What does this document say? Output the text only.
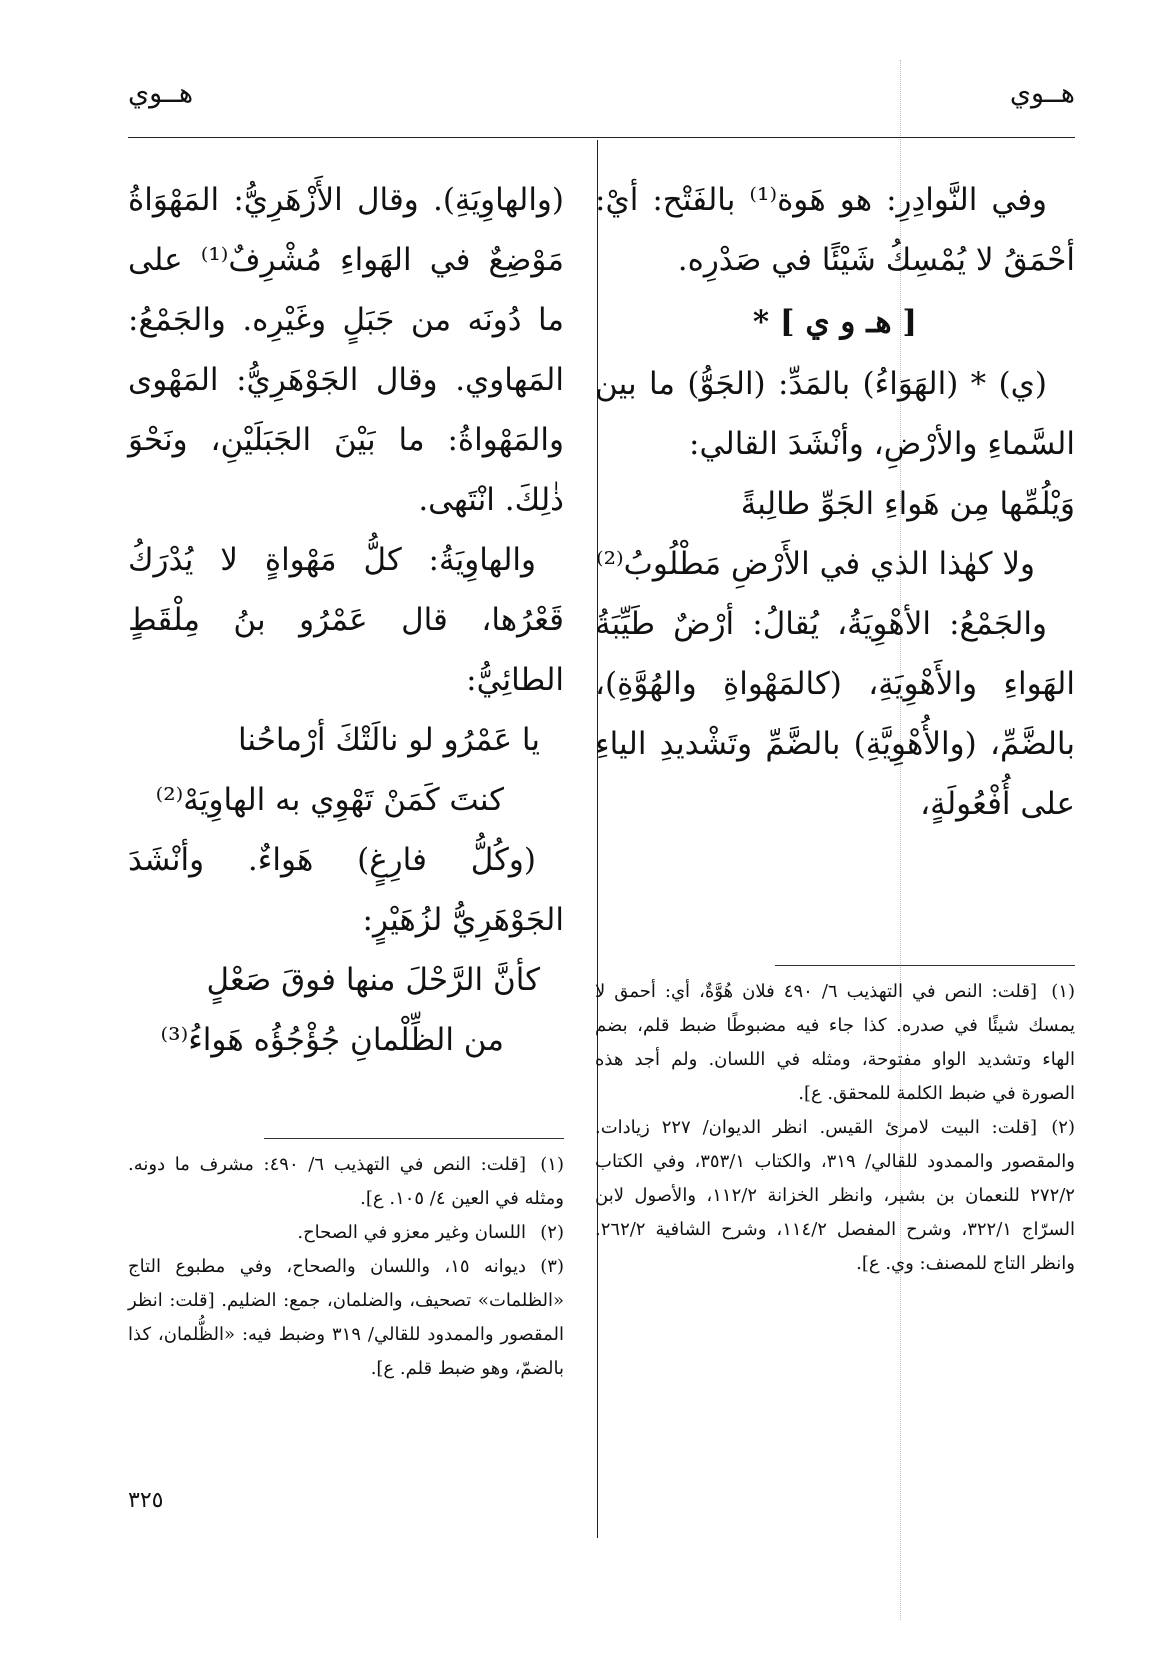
هــوي
هــوي

وفي النَّوادِرِ: هو هَوة⁽¹⁾ بالفَتْح: أيْ: أحْمَقُ لا يُمْسِكُ شَيْئًا في صَدْرِه.

[ هـ و ي ] *

(ي) * (الهَوَاءُ) بالمَدِّ: (الجَوُّ) ما بين السَّماءِ والأرْضِ، وأنْشَدَ القالي:

وَيْلُمِّها مِن هَواءِ الجَوِّ طالِبةً

ولا كهٰذا الذي في الأَرْضِ مَطْلُوبُ⁽²⁾

والجَمْعُ: الأهْوِيَةُ، يُقالُ: أرْضٌ طَيِّبَةُ الهَواءِ والأَهْوِيَةِ، (كالمَهْواةِ والهُوَّةِ)، بالضَّمِّ، (والأُهْوِيَّةِ) بالضَّمِّ وتَشْديدِ الياءِ على أُفْعُولَةٍ،

(والهاوِيَةِ). وقال الأَزْهَرِيُّ: المَهْوَاةُ مَوْضِعٌ في الهَواءِ مُشْرِفٌ⁽¹⁾ على ما دُونَه من جَبَلٍ وغَيْرِه. والجَمْعُ: المَهاوي. وقال الجَوْهَرِيُّ: المَهْوى والمَهْواةُ: ما بَيْنَ الجَبَلَيْنِ، ونَحْوَ ذٰلِكَ. انْتَهى.

والهاوِيَةُ: كلُّ مَهْواةٍ لا يُدْرَكُ قَعْرُها، قال عَمْرُو بنُ مِلْقَطٍ الطائِيُّ:

يا عَمْرُو لو نالَتْكَ أرْماحُنا

كنتَ كَمَنْ تَهْوِي به الهاوِيَهْ⁽²⁾

(وكُلُّ فارِغٍ) هَواءٌ. وأنْشَدَ الجَوْهَرِيُّ لزُهَيْرٍ:

كأنَّ الرَّحْلَ منها فوقَ صَعْلٍ

من الظِّلْمانِ جُؤْجُؤُه هَواءُ⁽³⁾

(١)[قلت: النص في التهذيب ٦/ ٤٩٠ فلان هُوَّةٌ، أي: أحمق لا يمسك شيئًا في صدره. كذا جاء فيه مضبوطًا ضبط قلم، بضم الهاء وتشديد الواو مفتوحة، ومثله في اللسان. ولم أجد هذه الصورة في ضبط الكلمة للمحقق. ع].

(٢)[قلت: البيت لامرئ القيس. انظر الديوان/ ٢٢٧ زيادات. والمقصور والممدود للقالي/ ٣١٩، والكتاب ٣٥٣/١، وفي الكتاب ٢٧٢/٢ للنعمان بن بشير، وانظر الخزانة ١١٢/٢، والأصول لابن السرّاج ٣٢٢/١، وشرح المفصل ١١٤/٢، وشرح الشافية ٢٦٢/٢. وانظر التاج للمصنف: وي. ع].

(١)[قلت: النص في التهذيب ٦/ ٤٩٠: مشرف ما دونه. ومثله في العين ٤/ ١٠٥. ع].

(٢)اللسان وغير معزو في الصحاح.

(٣)ديوانه ١٥، واللسان والصحاح، وفي مطبوع التاج «الظلمات» تصحيف، والضلمان، جمع: الضليم. [قلت: انظر المقصور والممدود للقالي/ ٣١٩ وضبط فيه: «الظُّلمان، كذا بالضمّ، وهو ضبط قلم. ع].

٣٢٥
